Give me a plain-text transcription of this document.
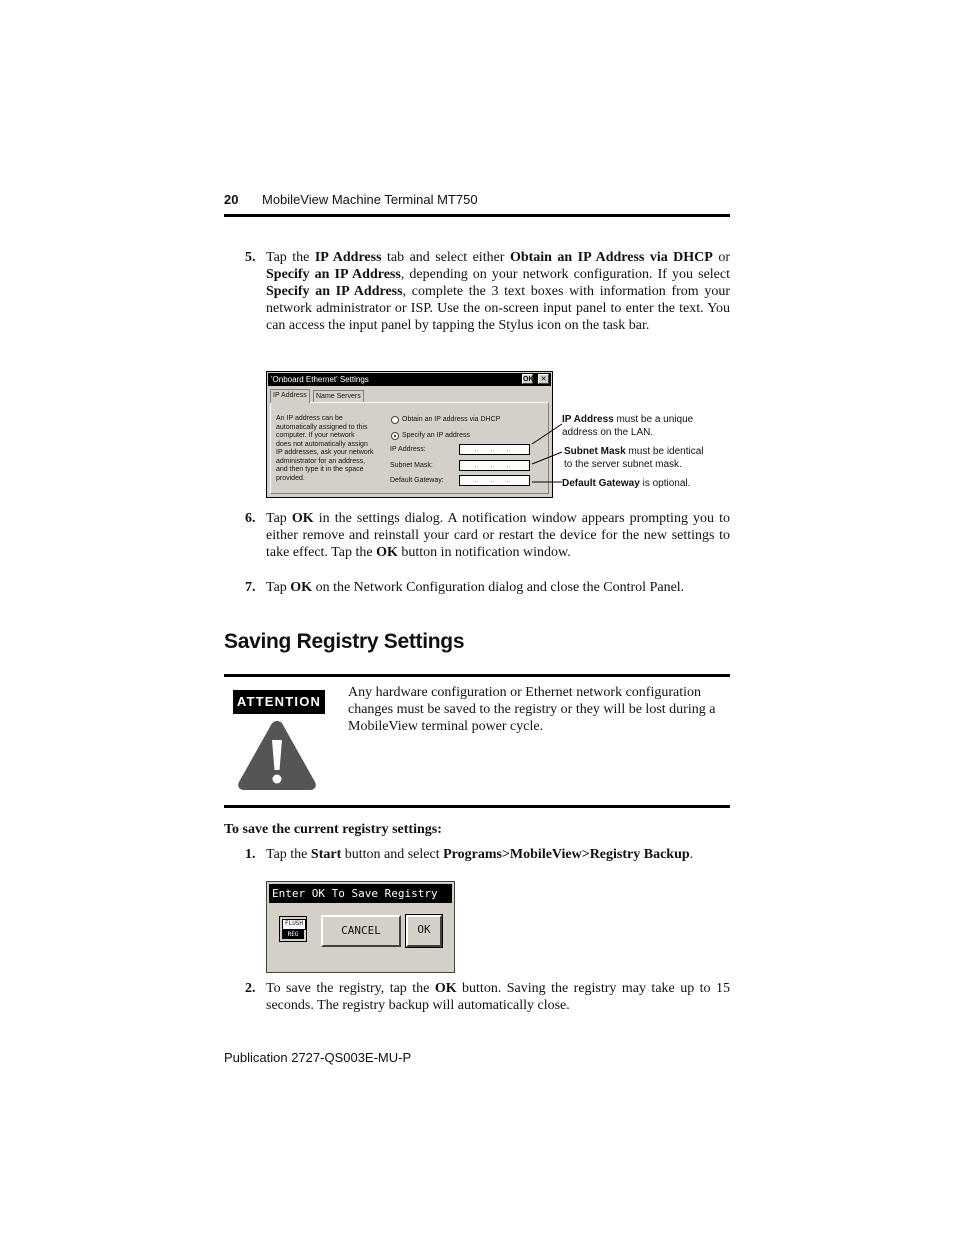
20 MobileView Machine Terminal MT750
5. Tap the IP Address tab and select either Obtain an IP Address via DHCP or Specify an IP Address, depending on your network configuration. If you select Specify an IP Address, complete the 3 text boxes with information from your network administrator or ISP. Use the on-screen input panel to enter the text. You can access the input panel by tapping the Stylus icon on the task bar.
'Onboard Ethernet' Settings	OK	✕
IP Address	Name Servers
An IP address can be
automatically assigned to this
computer. If your network
does not automatically assign
IP addresses, ask your network
administrator for an address,
and then type it in the space
provided.
Obtain an IP address via DHCP
Specify an IP address
IP Address:	. . .
Subnet Mask:	. . .
Default Gateway:	. . .
IP Address must be a unique
address on the LAN.
Subnet Mask must be identical
to the server subnet mask.
Default Gateway is optional.
6. Tap OK in the settings dialog. A notification window appears prompting you to either remove and reinstall your card or restart the device for the new settings to take effect. Tap the OK button in notification window.
7. Tap OK on the Network Configuration dialog and close the Control Panel.
Saving Registry Settings
ATTENTION
Any hardware configuration or Ethernet network configuration changes must be saved to the registry or they will be lost during a MobileView terminal power cycle.
To save the current registry settings:
1. Tap the Start button and select Programs>MobileView>Registry Backup.
Enter OK To Save Registry
FLUSH
REG	CANCEL	OK
2. To save the registry, tap the OK button. Saving the registry may take up to 15 seconds. The registry backup will automatically close.
Publication 2727-QS003E-MU-P
